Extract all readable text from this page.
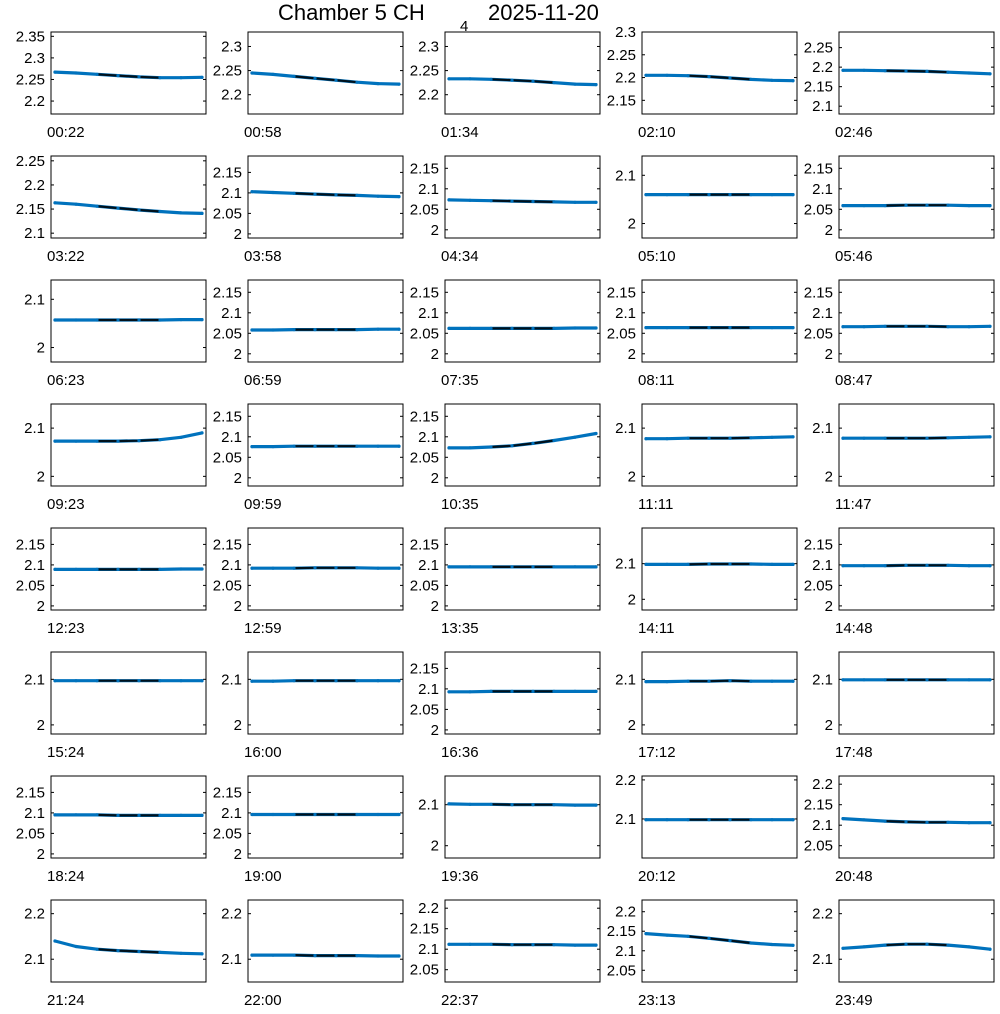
Chamber 5 CH
4
2025-11-20
2.2
2.25
2.3
2.35
00:22
2.2
2.25
2.3
00:58
2.2
2.25
2.3
01:34
2.15
2.2
2.25
2.3
02:10
2.1
2.15
2.2
2.25
02:46
2.1
2.15
2.2
2.25
03:22
2
2.05
2.1
2.15
03:58
2
2.05
2.1
2.15
04:34
2
2.1
05:10
2
2.05
2.1
2.15
05:46
2
2.1
06:23
2
2.05
2.1
2.15
06:59
2
2.05
2.1
2.15
07:35
2
2.05
2.1
2.15
08:11
2
2.05
2.1
2.15
08:47
2
2.1
09:23
2
2.05
2.1
2.15
09:59
2
2.05
2.1
2.15
10:35
2
2.1
11:11
2
2.1
11:47
2
2.05
2.1
2.15
12:23
2
2.05
2.1
2.15
12:59
2
2.05
2.1
2.15
13:35
2
2.1
14:11
2
2.05
2.1
2.15
14:48
2
2.1
15:24
2
2.1
16:00
2
2.05
2.1
2.15
16:36
2
2.1
17:12
2
2.1
17:48
2
2.05
2.1
2.15
18:24
2
2.05
2.1
2.15
19:00
2
2.1
19:36
2.1
2.2
20:12
2.05
2.1
2.15
2.2
20:48
2.1
2.2
21:24
2.1
2.2
22:00
2.05
2.1
2.15
2.2
22:37
2.05
2.1
2.15
2.2
23:13
2.1
2.2
23:49
